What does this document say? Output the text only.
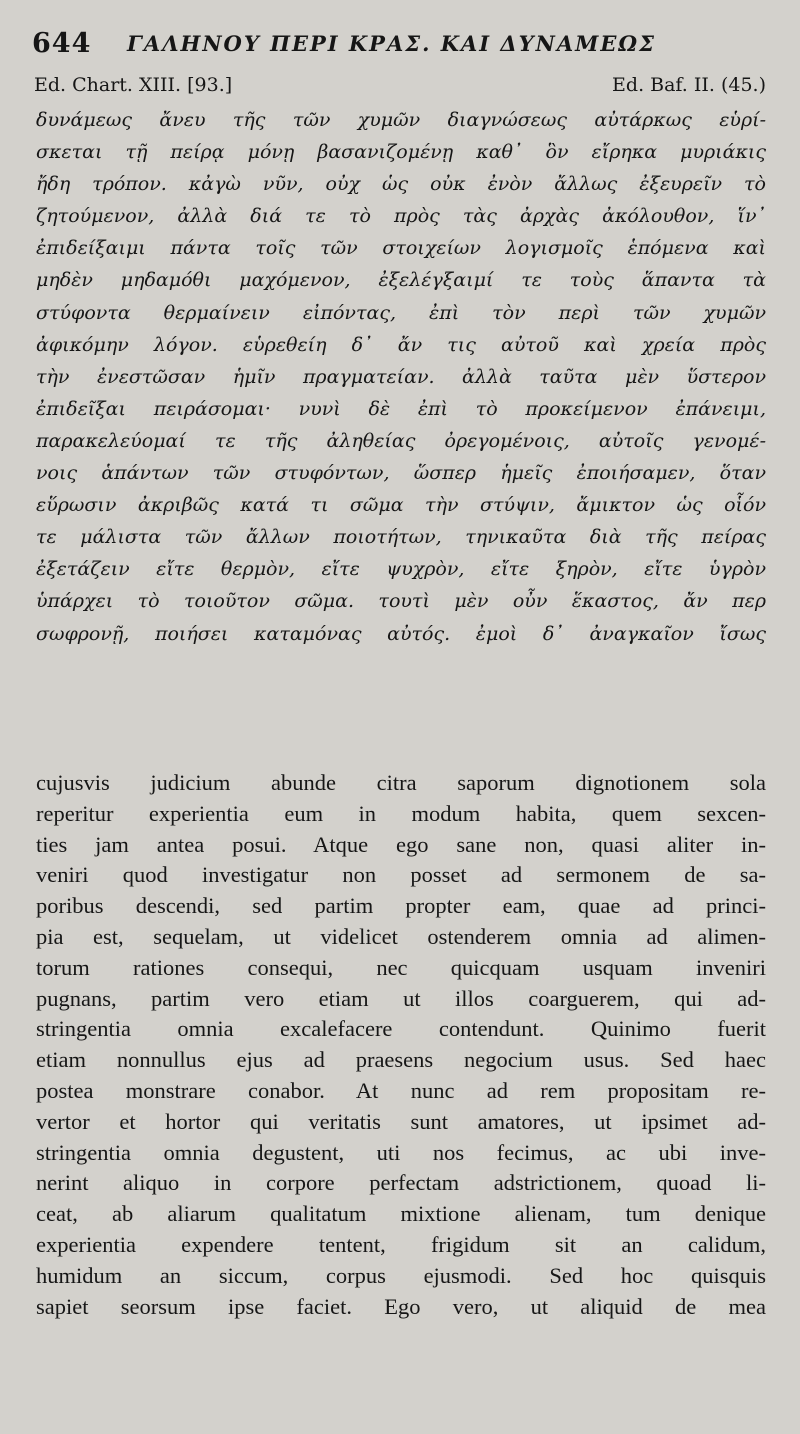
644 ΓΑΛΗΝΟΥ ΠΕΡΙ ΚΡΑΣ. ΚΑΙ ΔΥΝΑΜΕΩΣ
Ed. Chart. XIII. [93.]	Ed. Baf. II. (45.)
δυνάμεως ἄνευ τῆς τῶν χυμῶν διαγνώσεως αὐτάρκως εὑρί-
σκεται τῇ πείρᾳ μόνῃ βασανιζομένῃ καθ᾽ ὃν εἴρηκα μυριάκις
ἤδη τρόπον. κἀγὼ νῦν, οὐχ ὡς οὐκ ἐνὸν ἄλλως ἐξευρεῖν τὸ
ζητούμενον, ἀλλὰ διά τε τὸ πρὸς τὰς ἀρχὰς ἀκόλουθον, ἵν᾽
ἐπιδείξαιμι πάντα τοῖς τῶν στοιχείων λογισμοῖς ἑπόμενα καὶ
μηδὲν μηδαμόθι μαχόμενον, ἐξελέγξαιμί τε τοὺς ἅπαντα τὰ
στύφοντα θερμαίνειν εἰπόντας, ἐπὶ τὸν περὶ τῶν χυμῶν
ἀφικόμην λόγον. εὑρεθείη δ᾽ ἄν τις αὐτοῦ καὶ χρεία πρὸς
τὴν ἐνεστῶσαν ἡμῖν πραγματείαν. ἀλλὰ ταῦτα μὲν ὕστερον
ἐπιδεῖξαι πειράσομαι· νυνὶ δὲ ἐπὶ τὸ προκείμενον ἐπάνειμι,
παρακελεύομαί τε τῆς ἀληθείας ὀρεγομένοις, αὐτοῖς γενομέ-
νοις ἁπάντων τῶν στυφόντων, ὥσπερ ἡμεῖς ἐποιήσαμεν, ὅταν
εὕρωσιν ἀκριβῶς κατά τι σῶμα τὴν στύψιν, ἄμικτον ὡς οἷόν
τε μάλιστα τῶν ἄλλων ποιοτήτων, τηνικαῦτα διὰ τῆς πείρας
ἐξετάζειν εἴτε θερμὸν, εἴτε ψυχρὸν, εἴτε ξηρὸν, εἴτε ὑγρὸν
ὑπάρχει τὸ τοιοῦτον σῶμα. τουτὶ μὲν οὖν ἕκαστος, ἄν περ
σωφρονῇ, ποιήσει καταμόνας αὐτός. ἐμοὶ δ᾽ ἀναγκαῖον ἴσως
cujusvis judicium abunde citra saporum dignotionem sola
reperitur experientia eum in modum habita, quem sexcen-
ties jam antea posui. Atque ego sane non, quasi aliter in-
veniri quod investigatur non posset ad sermonem de sa-
poribus descendi, sed partim propter eam, quae ad princi-
pia est, sequelam, ut videlicet ostenderem omnia ad alimen-
torum rationes consequi, nec quicquam usquam inveniri
pugnans, partim vero etiam ut illos coarguerem, qui ad-
stringentia omnia excalefacere contendunt. Quinimo fuerit
etiam nonnullus ejus ad praesens negocium usus. Sed haec
postea monstrare conabor. At nunc ad rem propositam re-
vertor et hortor qui veritatis sunt amatores, ut ipsimet ad-
stringentia omnia degustent, uti nos fecimus, ac ubi inve-
nerint aliquo in corpore perfectam adstrictionem, quoad li-
ceat, ab aliarum qualitatum mixtione alienam, tum denique
experientia expendere tentent, frigidum sit an calidum,
humidum an siccum, corpus ejusmodi. Sed hoc quisquis
sapiet seorsum ipse faciet. Ego vero, ut aliquid de mea
